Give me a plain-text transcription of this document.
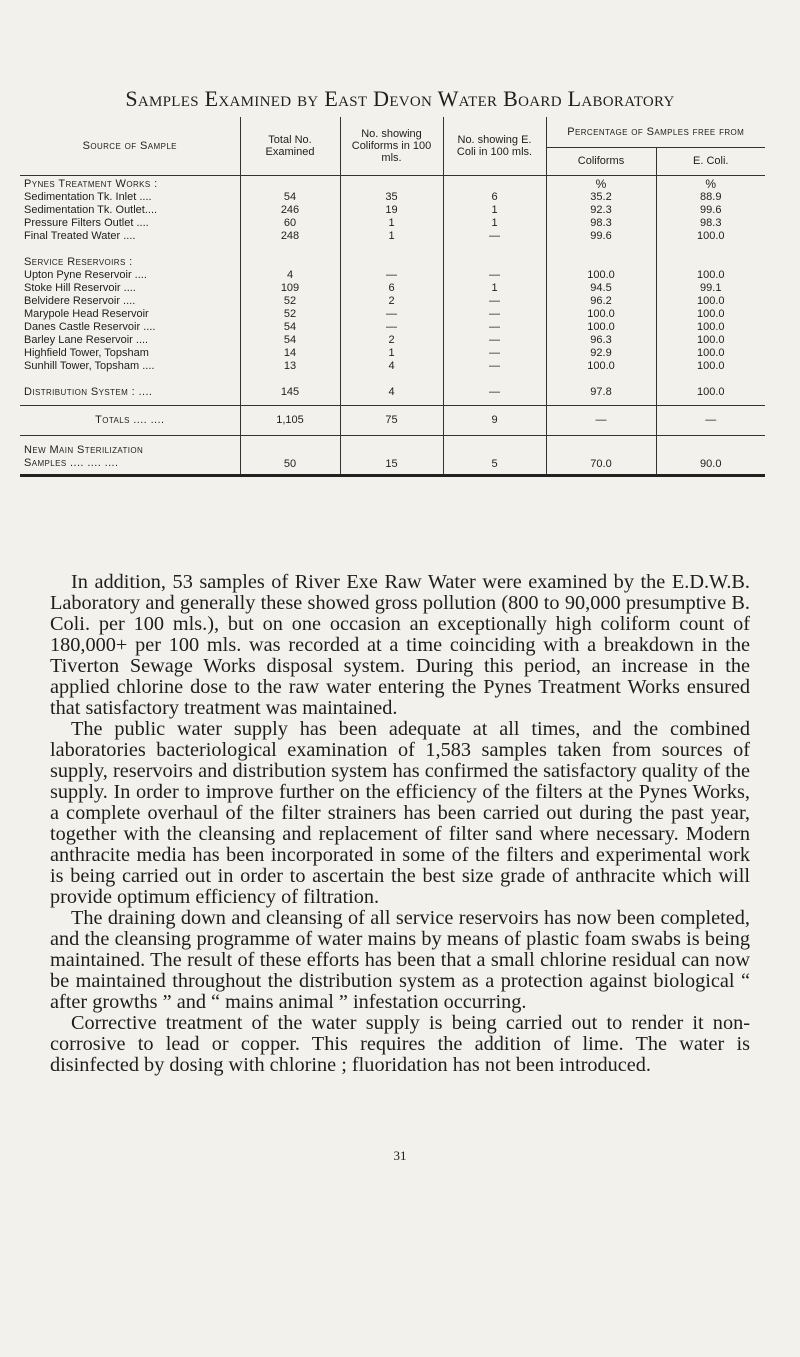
Samples Examined by East Devon Water Board Laboratory
Source of Sample	Total No. Examined	No. showing Coliforms in 100 mls.	No. showing E. Coli in 100 mls.	Percentage of Samples free from	
				Coliforms	E. Coli.
Pynes Treatment Works :				%	%
Sedimentation Tk. Inlet ....	54	35	6	35.2	88.9
Sedimentation Tk. Outlet....	246	19	1	92.3	99.6
Pressure Filters Outlet ....	60	1	1	98.3	98.3
Final Treated Water ....	248	1	—	99.6	100.0

Service Reservoirs :					
Upton Pyne Reservoir ....	4	—	—	100.0	100.0
Stoke Hill Reservoir ....	109	6	1	94.5	99.1
Belvidere Reservoir ....	52	2	—	96.2	100.0
Marypole Head Reservoir	52	—	—	100.0	100.0
Danes Castle Reservoir ....	54	—	—	100.0	100.0
Barley Lane Reservoir ....	54	2	—	96.3	100.0
Highfield Tower, Topsham	14	1	—	92.9	100.0
Sunhill Tower, Topsham ....	13	4	—	100.0	100.0

Distribution System : ....	145	4	—	97.8	100.0
Totals .... ....	1,105	75	9	—	—

New Main Sterilization
Samples .... .... ....	50	15	5	70.0	90.0

In addition, 53 samples of River Exe Raw Water were examined by the E.D.W.B. Laboratory and generally these showed gross pollution (800 to 90,000 presumptive B. Coli. per 100 mls.), but on one occasion an exceptionally high coliform count of 180,000+ per 100 mls. was recorded at a time coinciding with a breakdown in the Tiverton Sewage Works disposal system. During this period, an increase in the applied chlorine dose to the raw water entering the Pynes Treatment Works ensured that satisfactory treatment was maintained.

The public water supply has been adequate at all times, and the combined laboratories bacteriological examination of 1,583 samples taken from sources of supply, reservoirs and distribution system has confirmed the satisfactory quality of the supply. In order to improve further on the efficiency of the filters at the Pynes Works, a complete overhaul of the filter strainers has been carried out during the past year, together with the cleansing and replacement of filter sand where necessary. Modern anthracite media has been incorporated in some of the filters and experimental work is being carried out in order to ascertain the best size grade of anthracite which will provide optimum efficiency of filtration.

The draining down and cleansing of all service reservoirs has now been completed, and the cleansing programme of water mains by means of plastic foam swabs is being maintained. The result of these efforts has been that a small chlorine residual can now be maintained throughout the distribution system as a protection against biological “ after growths ” and “ mains animal ” infestation occurring.

Corrective treatment of the water supply is being carried out to render it non-corrosive to lead or copper. This requires the addition of lime. The water is disinfected by dosing with chlorine ; fluoridation has not been introduced.

31
